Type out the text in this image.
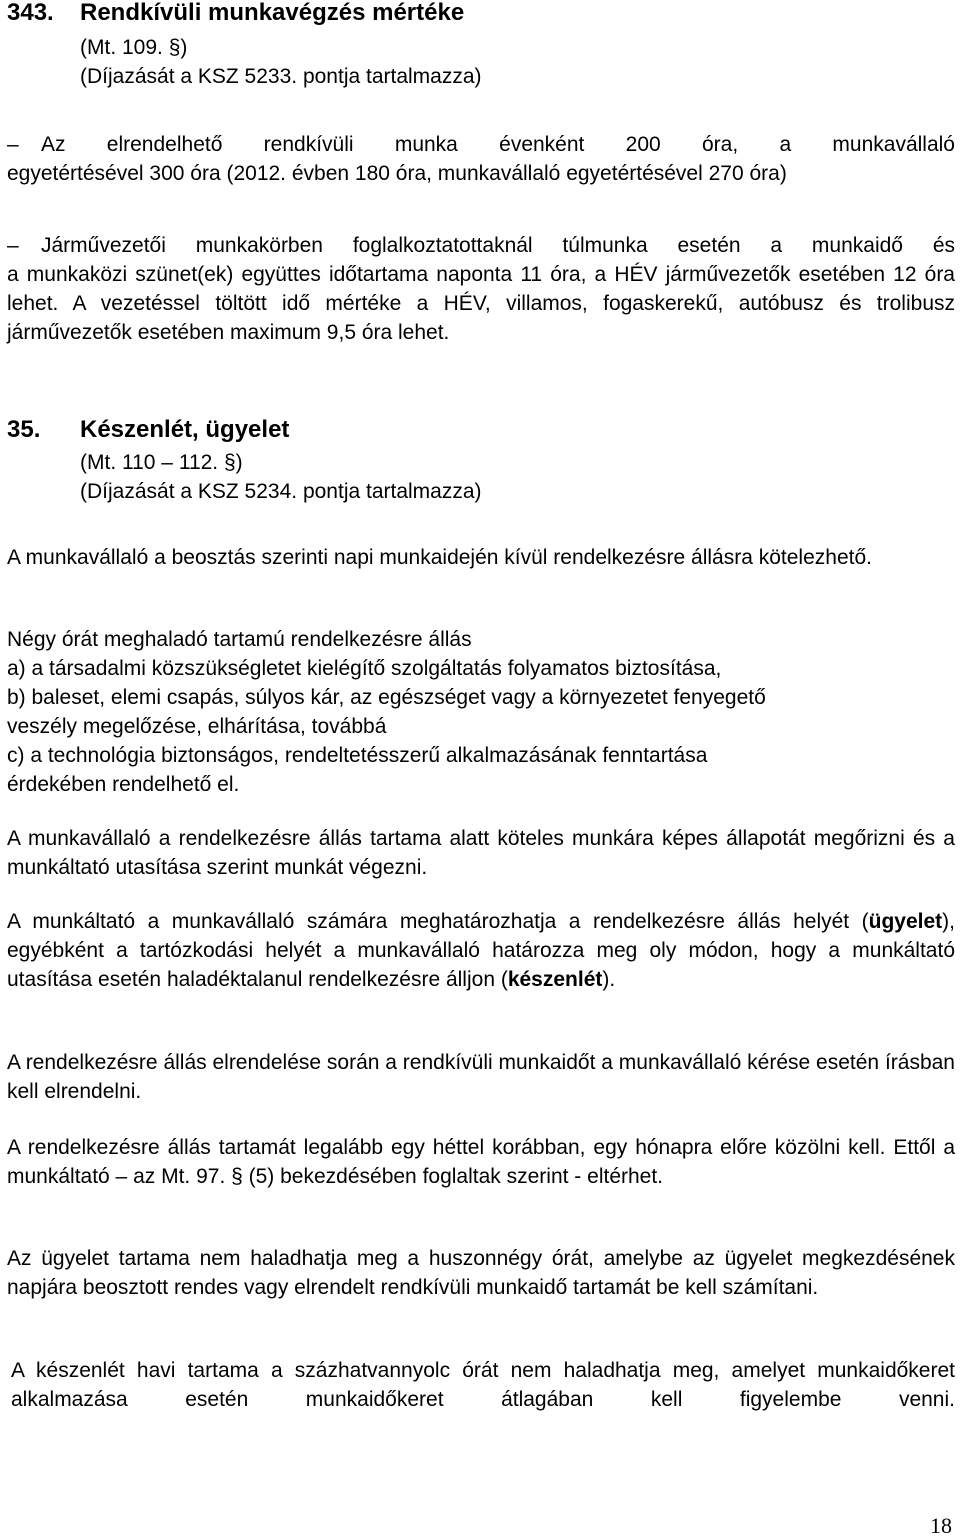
343. Rendkívüli munkavégzés mértéke
(Mt. 109. §)
(Díjazását a KSZ 5233. pontja tartalmazza)
–	Az elrendelhető rendkívüli munka évenként 200 óra, a munkavállaló
egyetértésével 300 óra (2012. évben 180 óra, munkavállaló egyetértésével 270 óra)
–	Járművezetői munkakörben foglalkoztatottaknál túlmunka esetén a munkaidő és
a munkaközi szünet(ek) együttes időtartama naponta 11 óra, a HÉV járművezetők esetében 12 óra lehet. A vezetéssel töltött idő mértéke a HÉV, villamos, fogaskerekű, autóbusz és trolibusz járművezetők esetében maximum 9,5 óra lehet.
35. Készenlét, ügyelet
(Mt. 110 – 112. §)
(Díjazását a KSZ 5234. pontja tartalmazza)
A munkavállaló a beosztás szerinti napi munkaidején kívül rendelkezésre állásra kötelezhető.
Négy órát meghaladó tartamú rendelkezésre állás
a) a társadalmi közszükségletet kielégítő szolgáltatás folyamatos biztosítása,
b) baleset, elemi csapás, súlyos kár, az egészséget vagy a környezetet fenyegető
veszély megelőzése, elhárítása, továbbá
c) a technológia biztonságos, rendeltetésszerű alkalmazásának fenntartása
érdekében rendelhető el.
A munkavállaló a rendelkezésre állás tartama alatt köteles munkára képes állapotát megőrizni és a munkáltató utasítása szerint munkát végezni.
A munkáltató a munkavállaló számára meghatározhatja a rendelkezésre állás helyét (ügyelet), egyébként a tartózkodási helyét a munkavállaló határozza meg oly módon, hogy a munkáltató utasítása esetén haladéktalanul rendelkezésre álljon (készenlét).
A rendelkezésre állás elrendelése során a rendkívüli munkaidőt a munkavállaló kérése esetén írásban kell elrendelni.
A rendelkezésre állás tartamát legalább egy héttel korábban, egy hónapra előre közölni kell. Ettől a munkáltató – az Mt. 97. § (5) bekezdésében foglaltak szerint - eltérhet.
Az ügyelet tartama nem haladhatja meg a huszonnégy órát, amelybe az ügyelet megkezdésének napjára beosztott rendes vagy elrendelt rendkívüli munkaidő tartamát be kell számítani.
A készenlét havi tartama a százhatvannyolc órát nem haladhatja meg, amelyet munkaidőkeret alkalmazása esetén munkaidőkeret átlagában kell figyelembe venni.
18
